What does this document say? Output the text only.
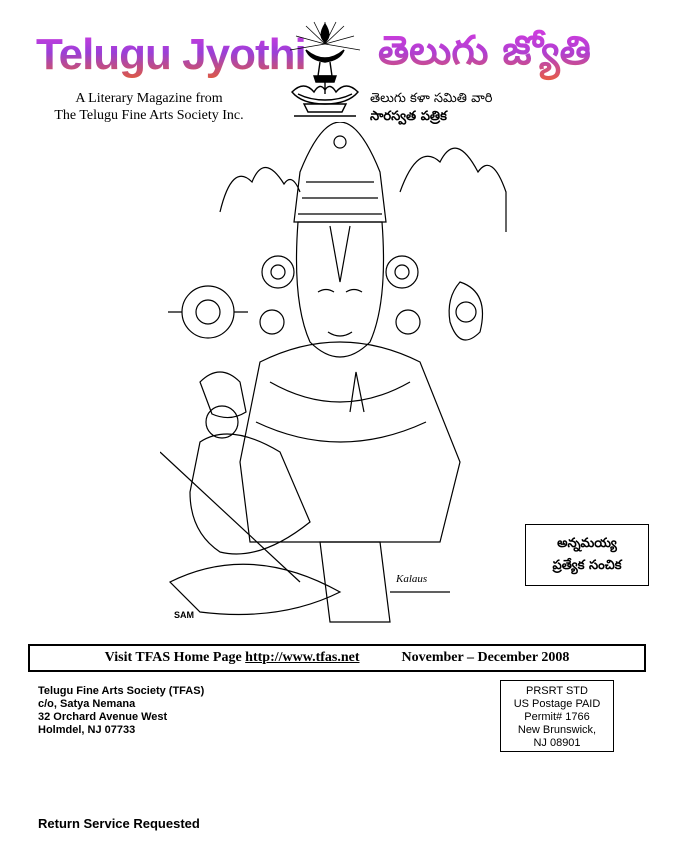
Telugu Jyothi తెలుగు జ్యోతి
A Literary Magazine from
The Telugu Fine Arts Society Inc.
తెలుగు కళా సమితి వారి
సారస్వత పత్రిక
SAM
Kalaus
అన్నమయ్య
ప్రత్యేక సంచిక
Visit TFAS Home Page
http://www.tfas.net	November – December 2008
Telugu Fine Arts Society (TFAS)
c/o, Satya Nemana
32 Orchard Avenue West
Holmdel, NJ 07733
PRSRT STD
US Postage PAID
Permit# 1766
New Brunswick,
NJ 08901
Return Service Requested
